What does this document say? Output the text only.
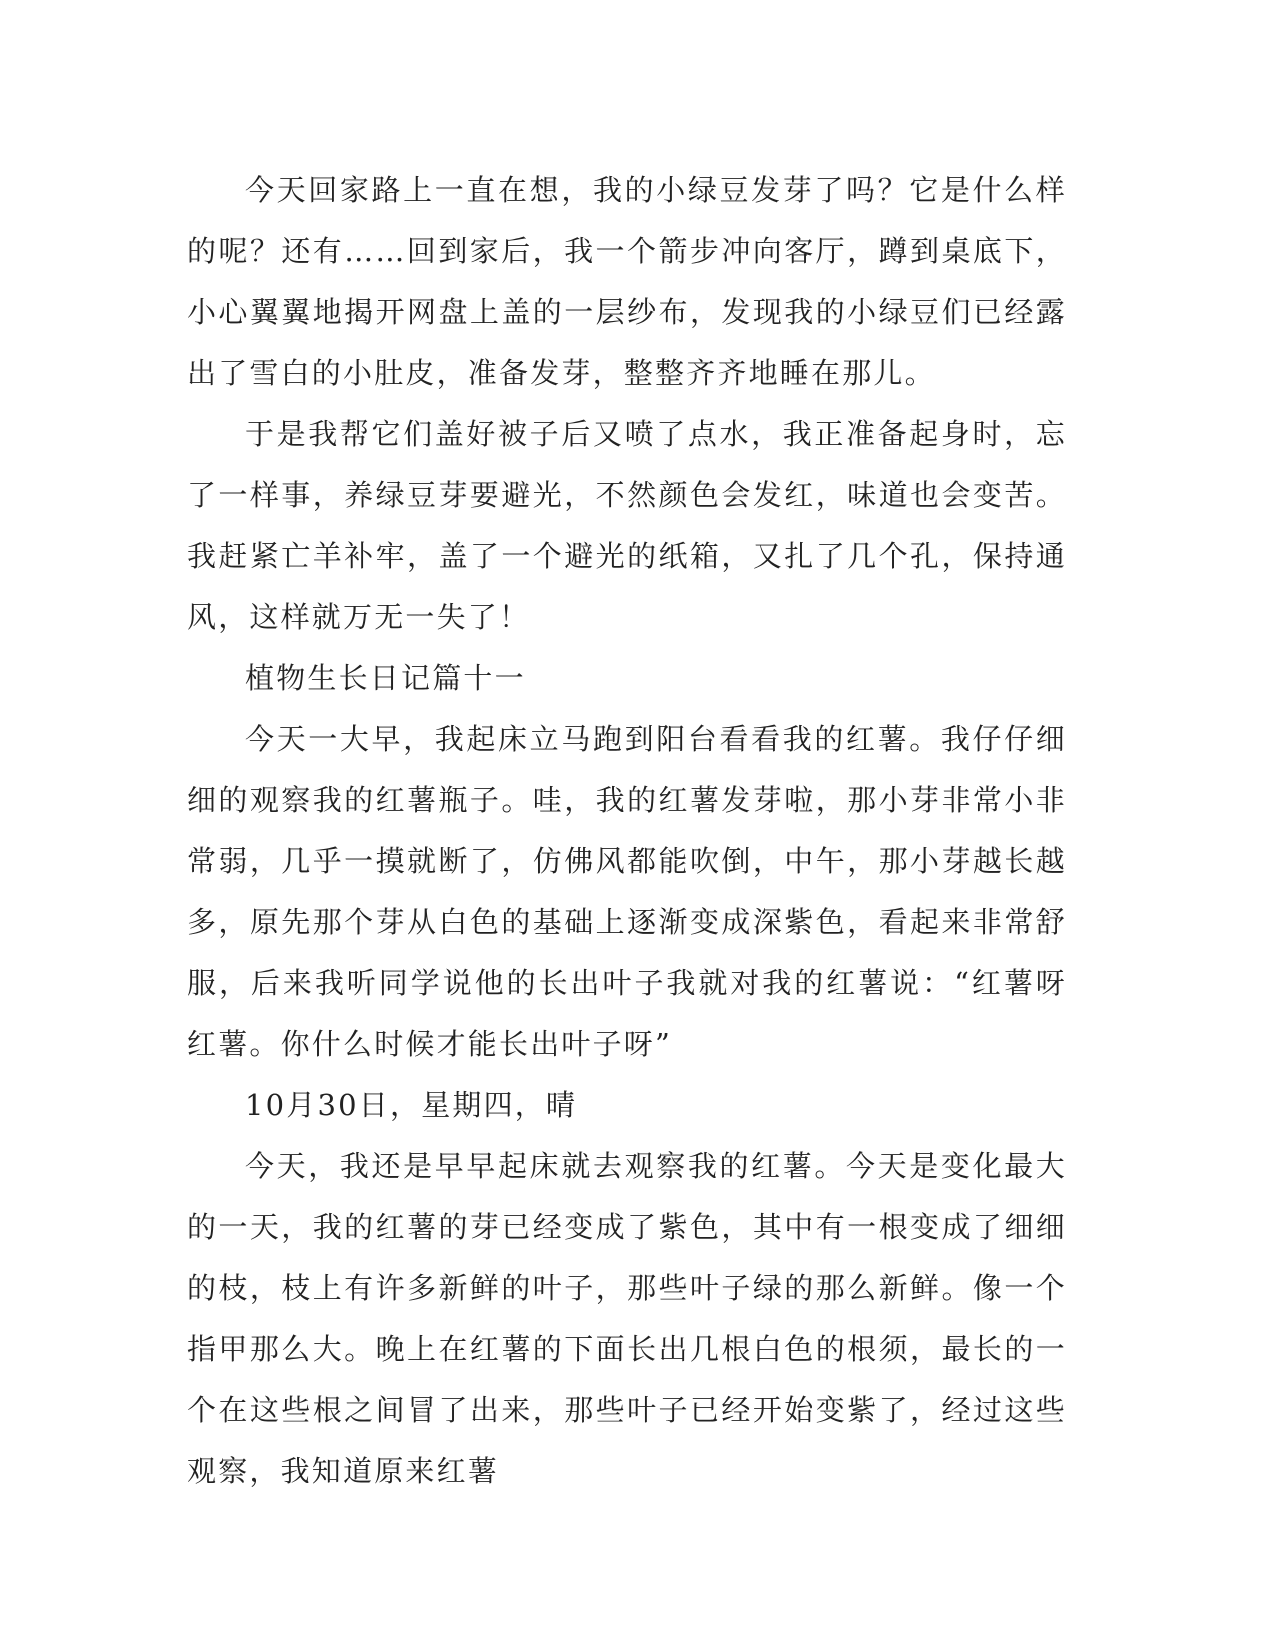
今天回家路上一直在想，我的小绿豆发芽了吗？它是什么样的呢？还有……回到家后，我一个箭步冲向客厅，蹲到桌底下，小心翼翼地揭开网盘上盖的一层纱布，发现我的小绿豆们已经露出了雪白的小肚皮，准备发芽，整整齐齐地睡在那儿。

于是我帮它们盖好被子后又喷了点水，我正准备起身时，忘了一样事，养绿豆芽要避光，不然颜色会发红，味道也会变苦。我赶紧亡羊补牢，盖了一个避光的纸箱，又扎了几个孔，保持通风，这样就万无一失了！

植物生长日记篇十一

今天一大早，我起床立马跑到阳台看看我的红薯。我仔仔细细的观察我的红薯瓶子。哇，我的红薯发芽啦，那小芽非常小非常弱，几乎一摸就断了，仿佛风都能吹倒，中午，那小芽越长越多，原先那个芽从白色的基础上逐渐变成深紫色，看起来非常舒服，后来我听同学说他的长出叶子我就对我的红薯说：“红薯呀红薯。你什么时候才能长出叶子呀”

10月30日，星期四，晴

今天，我还是早早起床就去观察我的红薯。今天是变化最大的一天，我的红薯的芽已经变成了紫色，其中有一根变成了细细的枝，枝上有许多新鲜的叶子，那些叶子绿的那么新鲜。像一个指甲那么大。晚上在红薯的下面长出几根白色的根须，最长的一个在这些根之间冒了出来，那些叶子已经开始变紫了，经过这些观察，我知道原来红薯
